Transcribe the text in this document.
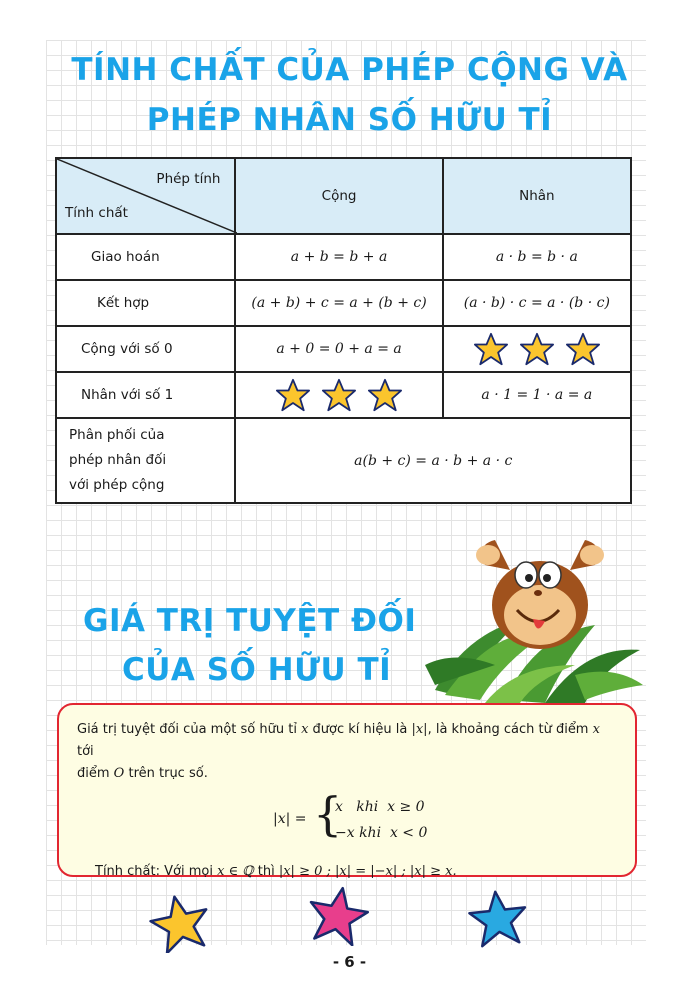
TÍNH CHẤT CỦA PHÉP CỘNG VÀ
PHÉP NHÂN SỐ HỮU TỈ
Phép tính
Tính chất	Cộng	Nhân
Giao hoán	a + b = b + a	a · b = b · a
Kết hợp	(a + b) + c = a + (b + c)	(a · b) · c = a · (b · c)
Cộng với số 0	a + 0 = 0 + a = a	
Nhân với số 1		a · 1 = 1 · a = a

Phân phối của
phép nhân đối
với phép cộng	a(b + c) = a · b + a · c	
GIÁ TRỊ TUYỆT ĐỐI
CỦA SỐ HỮU TỈ

Giá trị tuyệt đối của một số hữu tỉ x được kí hiệu là |x|, là khoảng cách từ điểm x tới

điểm O trên trục số.

|x| = {
x   khi  x ≥ 0
−x khi  x < 0

Tính chất: Với mọi x ∈ ℚ thì |x| ≥ 0 ; |x| = |−x| ; |x| ≥ x.

- 6 -
